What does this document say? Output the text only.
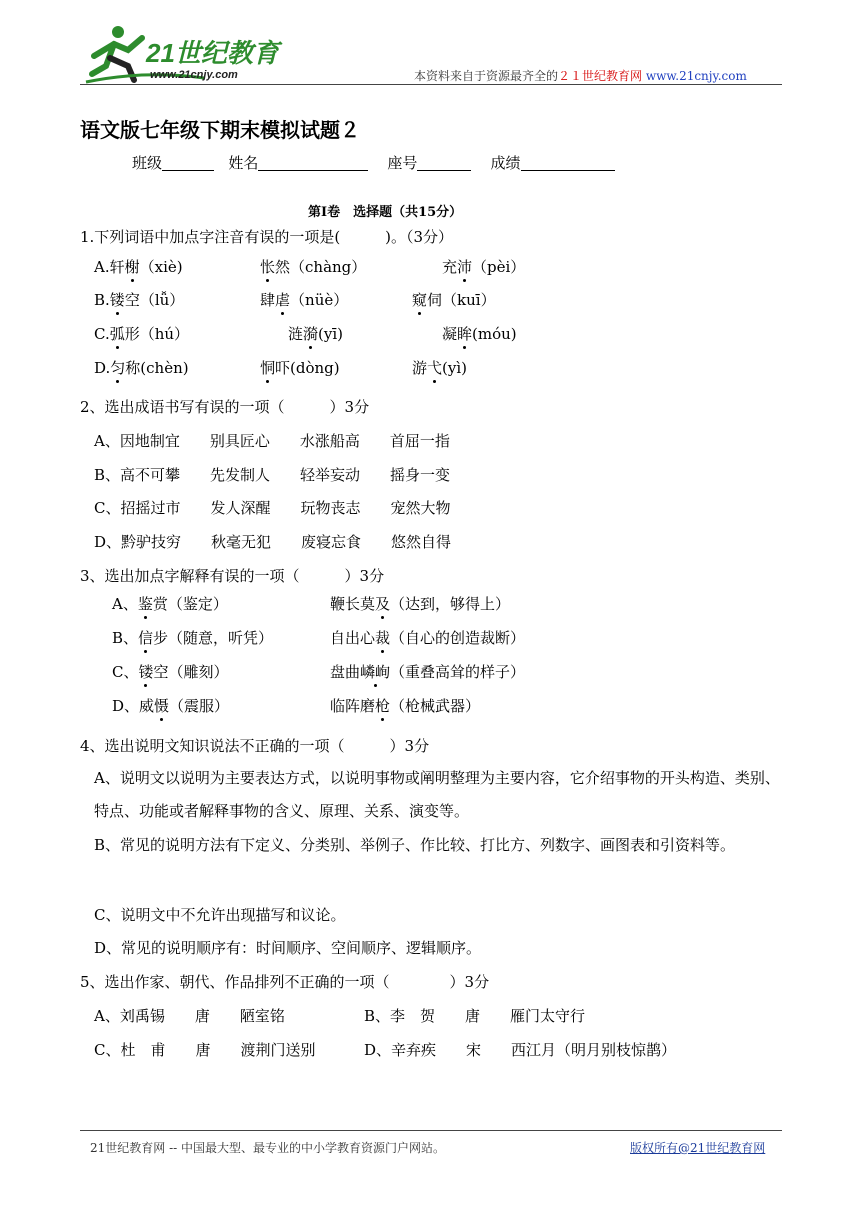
21世纪教育
www.21cnjy.com	本资料来自于资源最齐全的２１世纪教育网 www.21cnjy.com
语文版七年级下期末模拟试题２
班级	姓名	座号	成绩
第Ⅰ卷　选择题（共15分）
1.下列词语中加点字注音有误的一项是(　　　)。（3分）
A.轩榭（xiè)	怅然（chàng）	充沛（pèi）
B.镂空（lǚ）	肆虐（nüè）	窥伺（kuī）
C.弧形（hú）	涟漪(yī)	凝眸(móu)
D.匀称(chèn)	恫吓(dòng)	游弋(yì)
2、选出成语书写有误的一项（　　　）3分
A、因地制宜　　别具匠心　　水涨船高　　首屈一指
B、高不可攀　　先发制人　　轻举妄动　　摇身一变
C、招摇过市　　发人深醒　　玩物丧志　　宠然大物
D、黔驴技穷　　秋毫无犯　　废寝忘食　　悠然自得
3、选出加点字解释有误的一项（　　　）3分
A、鉴赏（鉴定）	鞭长莫及（达到，够得上）
B、信步（随意，听凭）	自出心裁（自心的创造裁断）
C、镂空（雕刻）	盘曲嶙峋（重叠高耸的样子）
D、威慑（震服）	临阵磨枪（枪械武器）
4、选出说明文知识说法不正确的一项（　　　）3分
A、说明文以说明为主要表达方式，以说明事物或阐明整理为主要内容，它介绍事物的开头构造、类别、特点、功能或者解释事物的含义、原理、关系、演变等。
B、常见的说明方法有下定义、分类别、举例子、作比较、打比方、列数字、画图表和引资料等。
C、说明文中不允许出现描写和议论。
D、常见的说明顺序有：时间顺序、空间顺序、逻辑顺序。
5、选出作家、朝代、作品排列不正确的一项（　　　　）3分
A、刘禹锡　　唐　　陋室铭	B、李　贺　　唐　　雁门太守行
C、杜　甫　　唐　　渡荆门送别	D、辛弃疾　　宋　　西江月（明月别枝惊鹊）
21世纪教育网 -- 中国最大型、最专业的中小学教育资源门户网站。	版权所有@21世纪教育网
